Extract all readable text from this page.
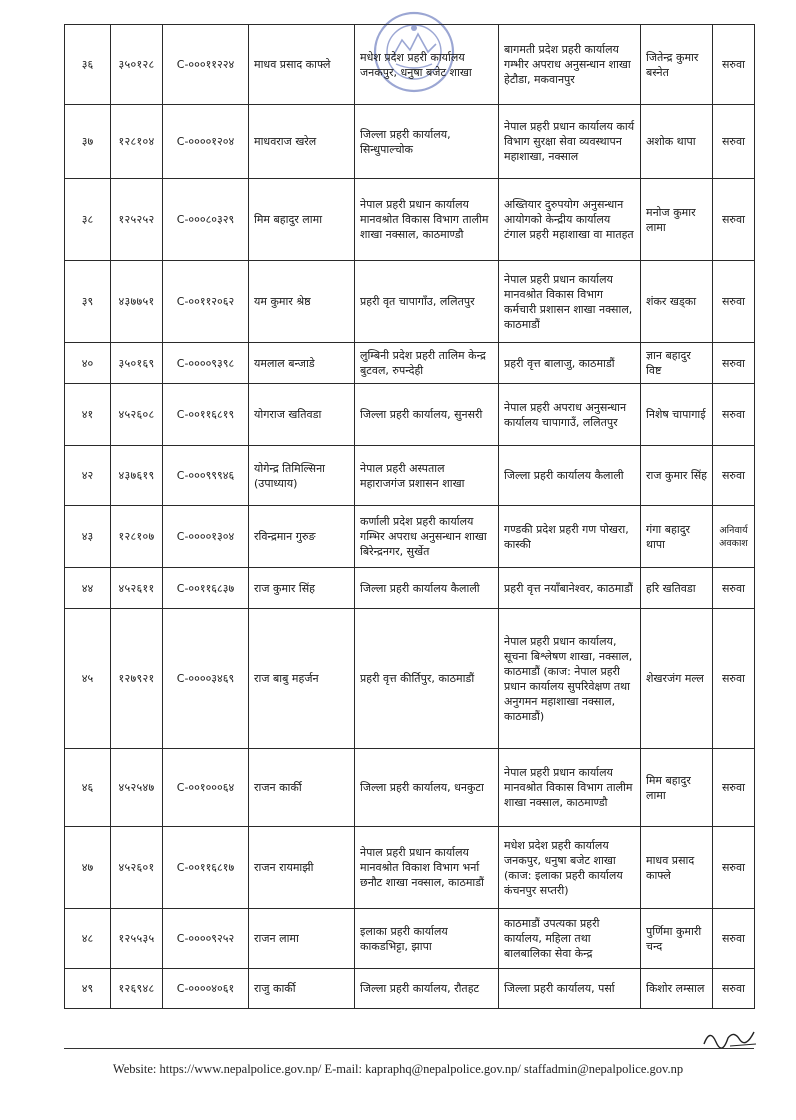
३६	३५०१२८	C-०००११२२४	माधव प्रसाद काफ्ले	मधेश प्रदेश प्रहरी कार्यालय जनकपुर, धनुषा बजेट शाखा	बागमती प्रदेश प्रहरी कार्यालय गम्भीर अपराध अनुसन्धान शाखा हेटौडा, मकवानपुर	जितेन्द्र कुमार बस्नेत	सरुवा
३७	१२८१०४	C-००००१२०४	माधवराज खरेल	जिल्ला प्रहरी कार्यालय, सिन्धुपाल्चोक	नेपाल प्रहरी प्रधान कार्यालय कार्य विभाग सुरक्षा सेवा व्यवस्थापन महाशाखा, नक्साल	अशोक थापा	सरुवा
३८	१२५२५२	C-०००८०३२९	मिम बहादुर लामा	नेपाल प्रहरी प्रधान कार्यालय मानवश्रोत विकास विभाग तालीम शाखा नक्साल, काठमाण्डौ	अख्तियार दुरुपयोग अनुसन्धान आयोगको केन्द्रीय कार्यालय टंगाल प्रहरी महाशाखा वा मातहत	मनोज कुमार लामा	सरुवा
३९	४३७७५१	C-००११२०६२	यम कुमार श्रेष्ठ	प्रहरी वृत चापागाँउ, ललितपुर	नेपाल प्रहरी प्रधान कार्यालय मानवश्रोत विकास विभाग कर्मचारी प्रशासन शाखा नक्साल, काठमाडौं	शंकर खड्का	सरुवा
४०	३५०१६९	C-००००९३९८	यमलाल बन्जाडे	लुम्बिनी प्रदेश प्रहरी तालिम केन्द्र बुटवल, रुपन्देही	प्रहरी वृत्त बालाजु, काठमाडौं	ज्ञान बहादुर विष्ट	सरुवा
४१	४५२६०८	C-००११६८१९	योगराज खतिवडा	जिल्ला प्रहरी कार्यालय, सुनसरी	नेपाल प्रहरी अपराध अनुसन्धान कार्यालय चापागाउँ, ललितपुर	निशेष चापागाई	सरुवा
४२	४३७६१९	C-०००९९९४६	योगेन्द्र तिमिल्सिना (उपाध्याय)	नेपाल प्रहरी अस्पताल महाराजगंज प्रशासन शाखा	जिल्ला प्रहरी कार्यालय कैलाली	राज कुमार सिंह	सरुवा
४३	१२८१०७	C-००००१३०४	रविन्द्रमान गुरुङ	कर्णाली प्रदेश प्रहरी कार्यालय गम्भिर अपराध अनुसन्धान शाखा बिरेन्द्रनगर, सुर्खेत	गण्डकी प्रदेश प्रहरी गण पोखरा, कास्की	गंगा बहादुर थापा	अनिवार्य अवकाश
४४	४५२६११	C-००११६८३७	राज कुमार सिंह	जिल्ला प्रहरी कार्यालय कैलाली	प्रहरी वृत्त नयाँबानेश्वर, काठमाडौं	हरि खतिवडा	सरुवा
४५	१२७९२१	C-००००३४६९	राज बाबु महर्जन	प्रहरी वृत्त कीर्तिपुर, काठमाडौं	नेपाल प्रहरी प्रधान कार्यालय, सूचना बिश्लेषण शाखा, नक्साल, काठमाडौं (काज: नेपाल प्रहरी प्रधान कार्यालय सुपरिवेक्षण तथा अनुगमन महाशाखा नक्साल, काठमाडौं)	शेखरजंग मल्ल	सरुवा
४६	४५२५४७	C-००१०००६४	राजन कार्की	जिल्ला प्रहरी कार्यालय, धनकुटा	नेपाल प्रहरी प्रधान कार्यालय मानवश्रोत विकास विभाग तालीम शाखा नक्साल, काठमाण्डौ	मिम बहादुर लामा	सरुवा
४७	४५२६०१	C-००११६८१७	राजन रायमाझी	नेपाल प्रहरी प्रधान कार्यालय मानवश्रोत विकाश विभाग भर्ना छनौट शाखा नक्साल, काठमाडौं	मधेश प्रदेश प्रहरी कार्यालय जनकपुर, धनुषा बजेट शाखा (काज: इलाका प्रहरी कार्यालय कंचनपुर सप्तरी)	माधव प्रसाद काफ्ले	सरुवा
४८	१२५५३५	C-००००९२५२	राजन लामा	इलाका प्रहरी कार्यालय काकडभिट्टा, झापा	काठमाडौं उपत्यका प्रहरी कार्यालय, महिला तथा बालबालिका सेवा केन्द्र	पुर्णिमा कुमारी चन्द	सरुवा
४९	१२६९४८	C-००००४०६१	राजु कार्की	जिल्ला प्रहरी कार्यालय, रौतहट	जिल्ला प्रहरी कार्यालय, पर्सा	किशोर लम्साल	सरुवा
Website: https://www.nepalpolice.gov.np/ E-mail: kapraphq@nepalpolice.gov.np/ staffadmin@nepalpolice.gov.np
